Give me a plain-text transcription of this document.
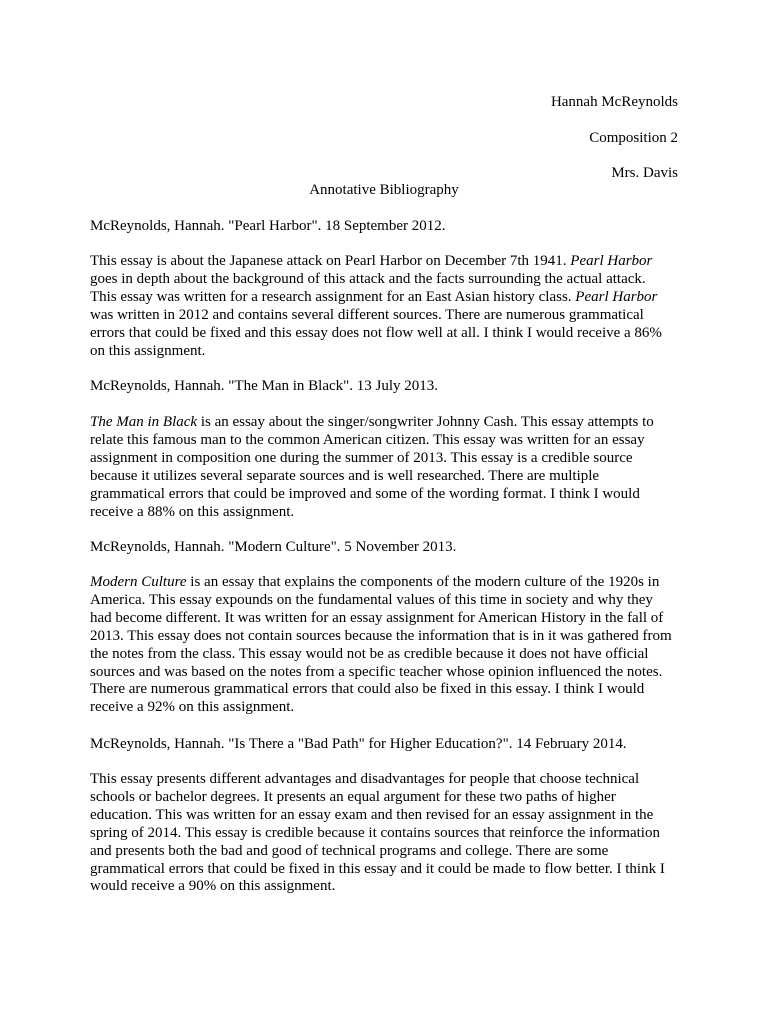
Hannah McReynolds
Composition 2
Mrs. Davis
Annotative Bibliography
McReynolds, Hannah. "Pearl Harbor". 18 September 2012.
This essay is about the Japanese attack on Pearl Harbor on December 7th 1941. Pearl Harbor
goes in depth about the background of this attack and the facts surrounding the actual attack.
This essay was written for a research assignment for an East Asian history class. Pearl Harbor
was written in 2012 and contains several different sources. There are numerous grammatical
errors that could be fixed and this essay does not flow well at all. I think I would receive a 86%
on this assignment.
McReynolds, Hannah. "The Man in Black". 13 July 2013.
The Man in Black is an essay about the singer/songwriter Johnny Cash. This essay attempts to
relate this famous man to the common American citizen. This essay was written for an essay
assignment in composition one during the summer of 2013. This essay is a credible source
because it utilizes several separate sources and is well researched. There are multiple
grammatical errors that could be improved and some of the wording format. I think I would
receive a 88% on this assignment.
McReynolds, Hannah. "Modern Culture". 5 November 2013.
Modern Culture is an essay that explains the components of the modern culture of the 1920s in
America. This essay expounds on the fundamental values of this time in society and why they
had become different. It was written for an essay assignment for American History in the fall of
2013. This essay does not contain sources because the information that is in it was gathered from
the notes from the class. This essay would not be as credible because it does not have official
sources and was based on the notes from a specific teacher whose opinion influenced the notes.
There are numerous grammatical errors that could also be fixed in this essay. I think I would
receive a 92% on this assignment.
McReynolds, Hannah. "Is There a "Bad Path" for Higher Education?". 14 February 2014.
This essay presents different advantages and disadvantages for people that choose technical
schools or bachelor degrees. It presents an equal argument for these two paths of higher
education. This was written for an essay exam and then revised for an essay assignment in the
spring of 2014. This essay is credible because it contains sources that reinforce the information
and presents both the bad and good of technical programs and college. There are some
grammatical errors that could be fixed in this essay and it could be made to flow better. I think I
would receive a 90% on this assignment.
